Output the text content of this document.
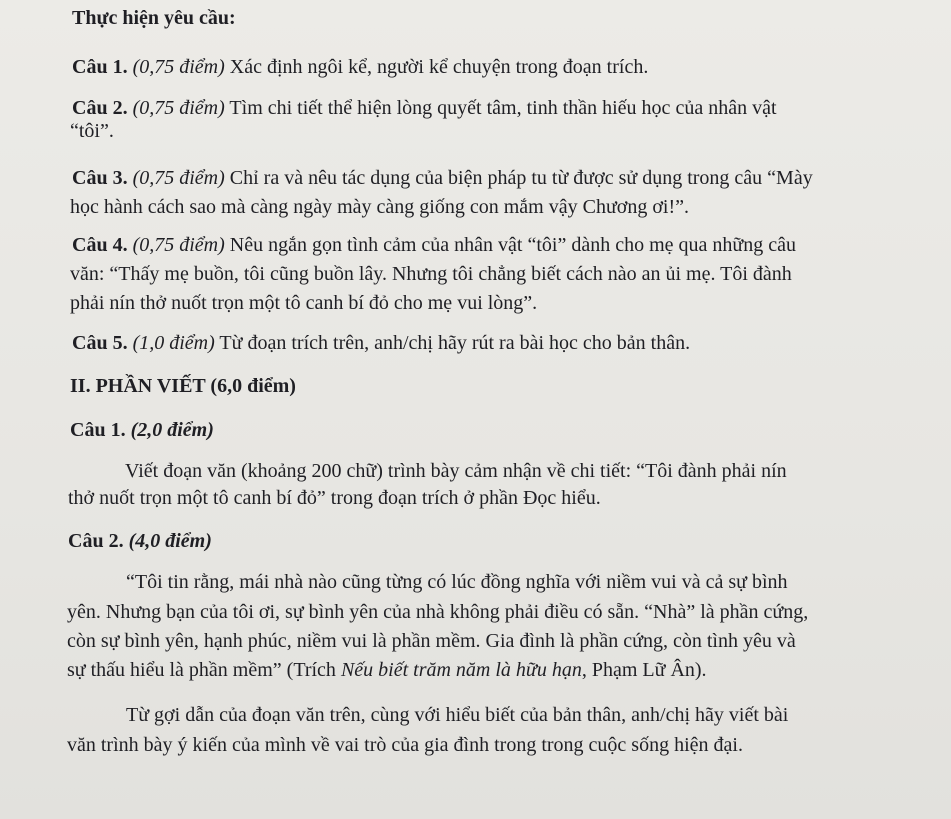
Thực hiện yêu cầu:
Câu 1. (0,75 điểm) Xác định ngôi kể, người kể chuyện trong đoạn trích.
Câu 2. (0,75 điểm) Tìm chi tiết thể hiện lòng quyết tâm, tinh thần hiếu học của nhân vật
“tôi”.
Câu 3. (0,75 điểm) Chỉ ra và nêu tác dụng của biện pháp tu từ được sử dụng trong câu “Mày
học hành cách sao mà càng ngày mày càng giống con mắm vậy Chương ơi!”.
Câu 4. (0,75 điểm) Nêu ngắn gọn tình cảm của nhân vật “tôi” dành cho mẹ qua những câu
văn: “Thấy mẹ buồn, tôi cũng buồn lây. Nhưng tôi chẳng biết cách nào an ủi mẹ. Tôi đành
phải nín thở nuốt trọn một tô canh bí đỏ cho mẹ vui lòng”.
Câu 5. (1,0 điểm) Từ đoạn trích trên, anh/chị hãy rút ra bài học cho bản thân.
II. PHẦN VIẾT (6,0 điểm)
Câu 1. (2,0 điểm)
Viết đoạn văn (khoảng 200 chữ) trình bày cảm nhận về chi tiết: “Tôi đành phải nín
thở nuốt trọn một tô canh bí đỏ” trong đoạn trích ở phần Đọc hiểu.
Câu 2. (4,0 điểm)
“Tôi tin rằng, mái nhà nào cũng từng có lúc đồng nghĩa với niềm vui và cả sự bình
yên. Nhưng bạn của tôi ơi, sự bình yên của nhà không phải điều có sẵn. “Nhà” là phần cứng,
còn sự bình yên, hạnh phúc, niềm vui là phần mềm. Gia đình là phần cứng, còn tình yêu và
sự thấu hiểu là phần mềm” (Trích Nếu biết trăm năm là hữu hạn, Phạm Lữ Ân).
Từ gợi dẫn của đoạn văn trên, cùng với hiểu biết của bản thân, anh/chị hãy viết bài
văn trình bày ý kiến của mình về vai trò của gia đình trong trong cuộc sống hiện đại.
